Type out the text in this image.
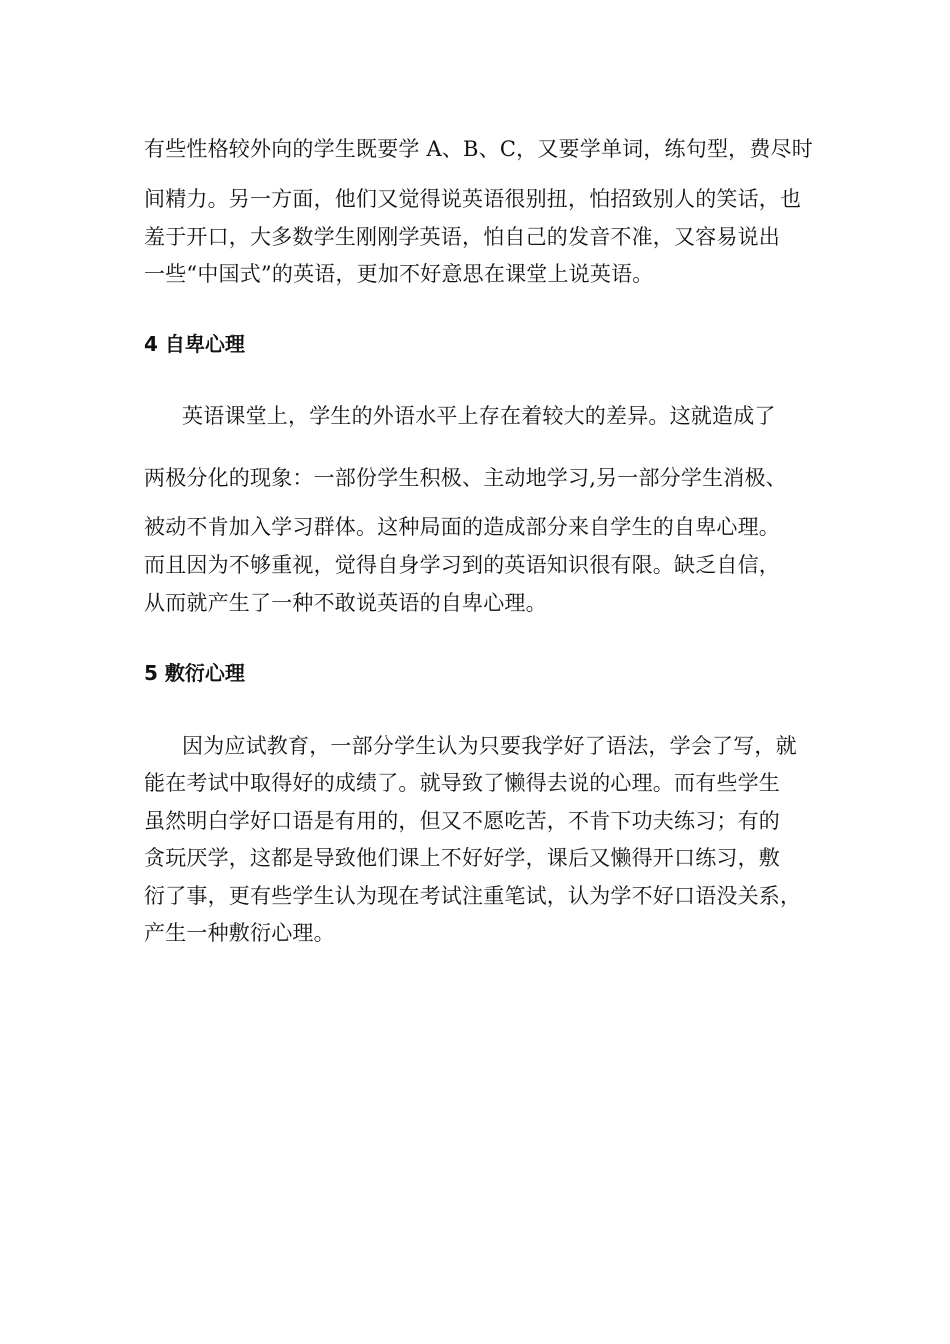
有些性格较外向的学生既要学 A、B、C，又要学单词，练句型，费尽时
间精力。另一方面，他们又觉得说英语很别扭，怕招致别人的笑话，也
羞于开口，大多数学生刚刚学英语，怕自己的发音不准，又容易说出
一些“中国式”的英语，更加不好意思在课堂上说英语。
4 自卑心理
英语课堂上，学生的外语水平上存在着较大的差异。这就造成了
两极分化的现象：一部份学生积极、主动地学习,另一部分学生消极、
被动不肯加入学习群体。这种局面的造成部分来自学生的自卑心理。
而且因为不够重视，觉得自身学习到的英语知识很有限。缺乏自信，
从而就产生了一种不敢说英语的自卑心理。
5 敷衍心理
因为应试教育，一部分学生认为只要我学好了语法，学会了写，就
能在考试中取得好的成绩了。就导致了懒得去说的心理。而有些学生
虽然明白学好口语是有用的，但又不愿吃苦，不肯下功夫练习；有的
贪玩厌学，这都是导致他们课上不好好学，课后又懒得开口练习，敷
衍了事，更有些学生认为现在考试注重笔试，认为学不好口语没关系，
产生一种敷衍心理。
